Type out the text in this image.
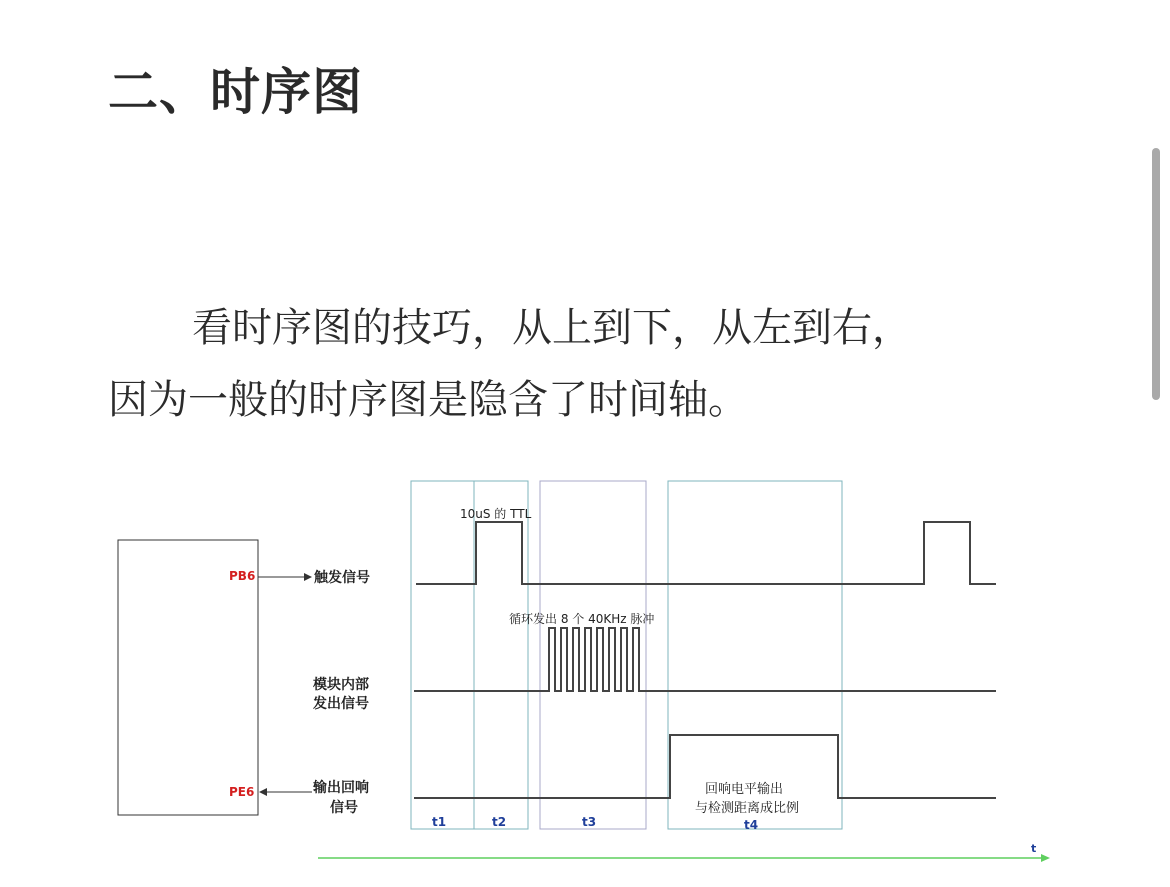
二、时序图
看时序图的技巧，从上到下，从左到右，
因为一般的时序图是隐含了时间轴。
PB6	触发信号
10uS 的 TTL
循环发出 8 个 40KHz 脉冲
模块内部
发出信号
PE6	输出回响
信号
回响电平输出
与检测距离成比例
t1	t2	t3	t4
t
